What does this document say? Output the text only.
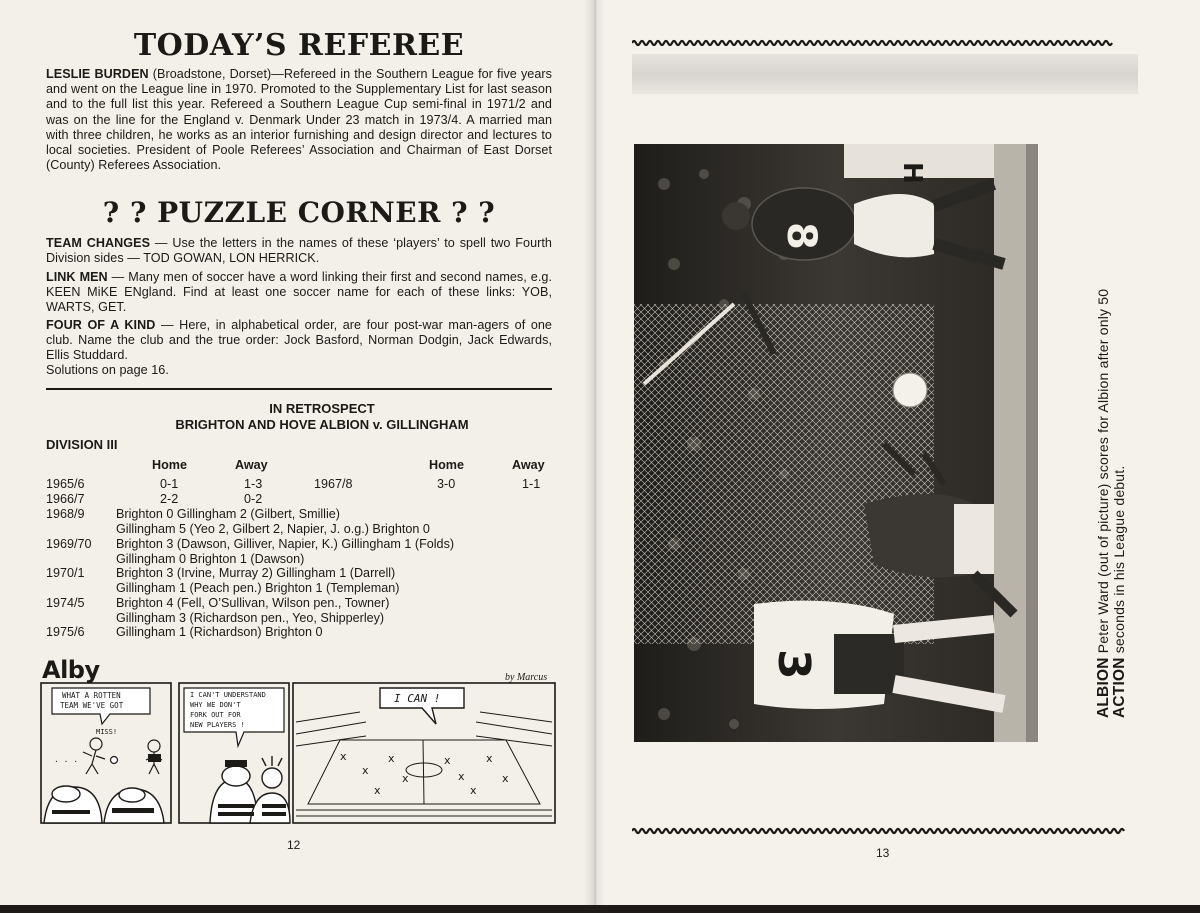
TODAY’S REFEREE

LESLIE BURDEN (Broadstone, Dorset)—Refereed in the Southern League for five years and went on the League line in 1970. Promoted to the Supplementary List for last season and to the full list this year. Refereed a Southern League Cup semi-final in 1971/2 and was on the line for the England v. Denmark Under 23 match in 1973/4. A married man with three children, he works as an interior furnishing and design director and lectures to local societies. President of Poole Referees’ Association and Chairman of East Dorset (County) Referees Association.

? ? PUZZLE CORNER ? ?

TEAM CHANGES — Use the letters in the names of these ‘players’ to spell two Fourth Division sides — TOD GOWAN, LON HERRICK.

LINK MEN — Many men of soccer have a word linking their first and second names, e.g. KEEN MiKE ENgland. Find at least one soccer name for each of these links: YOB, WARTS, GET.

FOUR OF A KIND — Here, in alphabetical order, are four post-war man-agers of one club. Name the club and the true order: Jock Basford, Norman Dodgin, Jack Edwards, Ellis Studdard.

Solutions on page 16.

IN RETROSPECT
BRIGHTON AND HOVE ALBION v. GILLINGHAM
DIVISION III
Home	Away	Home	Away
1965/6	0-1	1-3	1967/8	3-0	1-1
1966/7	2-2	0-2
1968/9 Brighton 0 Gillingham 2 (Gilbert, Smillie)
Gillingham 5 (Yeo 2, Gilbert 2, Napier, J. o.g.) Brighton 0
1969/70 Brighton 3 (Dawson, Gilliver, Napier, K.) Gillingham 1 (Folds)
Gillingham 0 Brighton 1 (Dawson)
1970/1 Brighton 3 (Irvine, Murray 2) Gillingham 1 (Darrell)
Gillingham 1 (Peach pen.) Brighton 1 (Templeman)
1974/5 Brighton 4 (Fell, O’Sullivan, Wilson pen., Towner)
Gillingham 3 (Richardson pen., Yeo, Shipperley)
1975/6 Gillingham 1 (Richardson) Brighton 0
Alby	by Marcus
WHAT A ROTTEN
TEAM WE'VE GOT
MISS!
. . .
I CAN'T UNDERSTAND
WHY WE DON'T
FORK OUT FOR
NEW PLAYERS !
I CAN !
ⅹ
ⅹ
ⅹ
ⅹ
ⅹ
ⅹ
ⅹ
ⅹ
ⅹ	ⅹ
12
H
8
3	ALBION Peter Ward (out of picture) scores for Albion after only 50
ACTION seconds in his League debut.
13
